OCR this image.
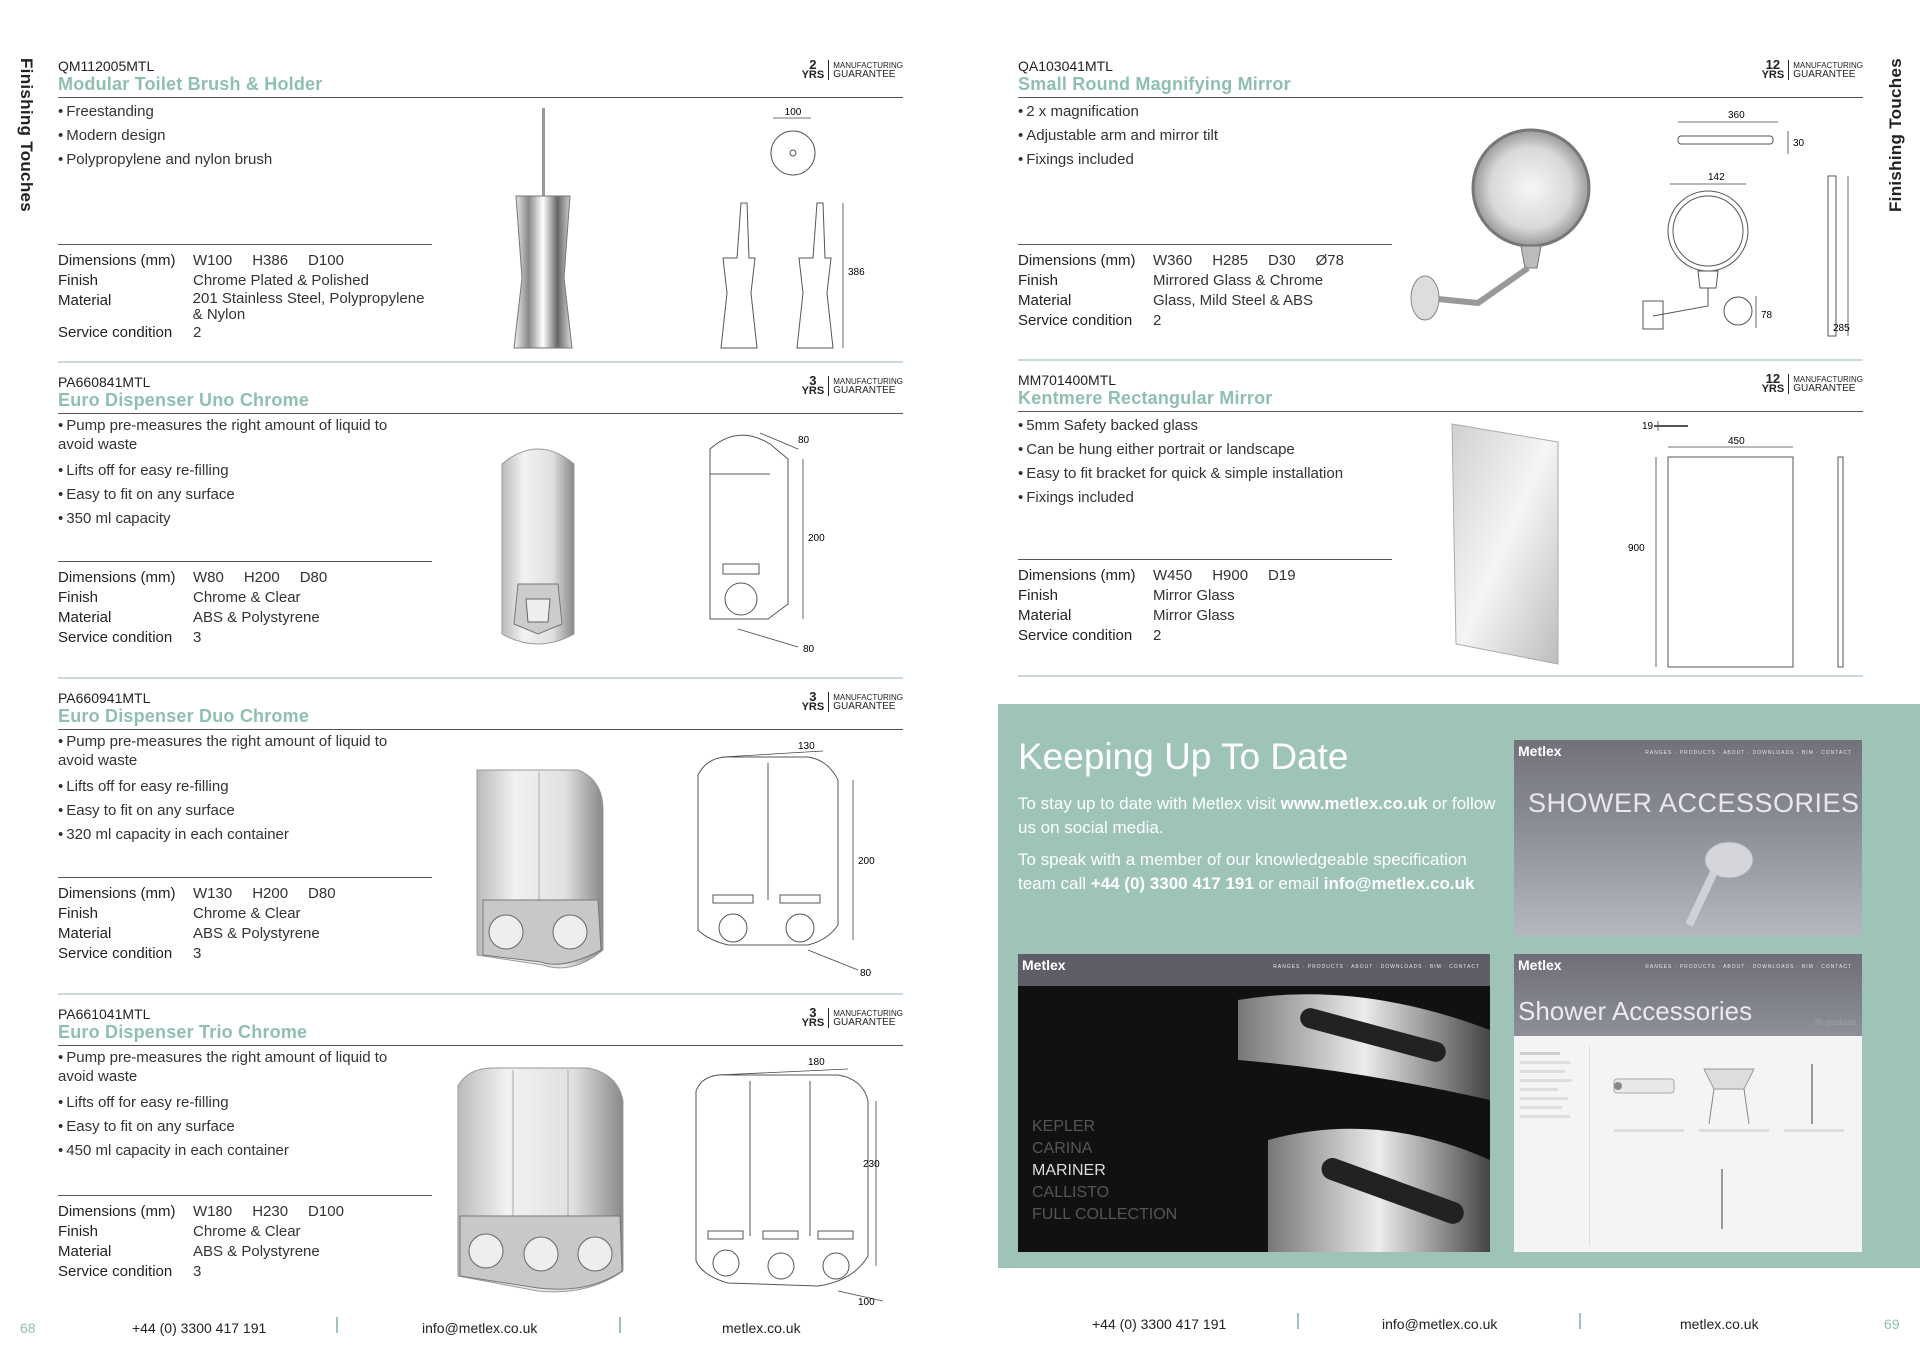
Finishing Touches	Finishing Touches
QM112005MTL
Modular Toilet Brush & Holder
2
YRS
MANUFACTURING
GUARANTEE
• Freestanding
• Modern design
• Polypropylene and nylon brush
Dimensions (mm)	W100 H386 D100
Finish	Chrome Plated & Polished
Material	201 Stainless Steel, Polypropylene & Nylon
Service condition	2
100
386
PA660841MTL
Euro Dispenser Uno Chrome
3
YRS
MANUFACTURING
GUARANTEE
• Pump pre-measures the right amount of liquid to avoid waste
• Lifts off for easy re-filling
• Easy to fit on any surface
• 350 ml capacity
Dimensions (mm)	W80 H200 D80
Finish	Chrome & Clear
Material	ABS & Polystyrene
Service condition	3
80
200
80
PA660941MTL
Euro Dispenser Duo Chrome
3
YRS
MANUFACTURING
GUARANTEE
• Pump pre-measures the right amount of liquid to avoid waste
• Lifts off for easy re-filling
• Easy to fit on any surface
• 320 ml capacity in each container
Dimensions (mm)	W130 H200 D80
Finish	Chrome & Clear
Material	ABS & Polystyrene
Service condition	3
130
200
80
PA661041MTL
Euro Dispenser Trio Chrome
3
YRS
MANUFACTURING
GUARANTEE
• Pump pre-measures the right amount of liquid to avoid waste
• Lifts off for easy re-filling
• Easy to fit on any surface
• 450 ml capacity in each container
Dimensions (mm)	W180 H230 D100
Finish	Chrome & Clear
Material	ABS & Polystyrene
Service condition	3
180
230
100
QA103041MTL
Small Round Magnifying Mirror
12
YRS
MANUFACTURING
GUARANTEE
• 2 x magnification
• Adjustable arm and mirror tilt
• Fixings included
Dimensions (mm)	W360 H285 D30 Ø78
Finish	Mirrored Glass & Chrome
Material	Glass, Mild Steel & ABS
Service condition	2
360
30
142
78
285
MM701400MTL
Kentmere Rectangular Mirror
12
YRS
MANUFACTURING
GUARANTEE
• 5mm Safety backed glass
• Can be hung either portrait or landscape
• Easy to fit bracket for quick & simple installation
• Fixings included
Dimensions (mm)	W450 H900 D19
Finish	Mirror Glass
Material	Mirror Glass
Service condition	2
19
450
900
Keeping Up To Date

To stay up to date with Metlex visit www.metlex.co.uk or follow us on social media.

To speak with a member of our knowledgeable specification team call +44 (0) 3300 417 191 or email info@metlex.co.uk

Metlex	RANGES · PRODUCTS · ABOUT · DOWNLOADS · BIM · CONTACT
SHOWER ACCESSORIES
Metlex	RANGES · PRODUCTS · ABOUT · DOWNLOADS · BIM · CONTACT
KEPLER
CARINA
MARINER
CALLISTO
FULL COLLECTION
Metlex	RANGES · PRODUCTS · ABOUT · DOWNLOADS · BIM · CONTACT
Shower Accessories	36 products
68	+44 (0) 3300 417 191	info@metlex.co.uk	metlex.co.uk	+44 (0) 3300 417 191	info@metlex.co.uk	metlex.co.uk	69
